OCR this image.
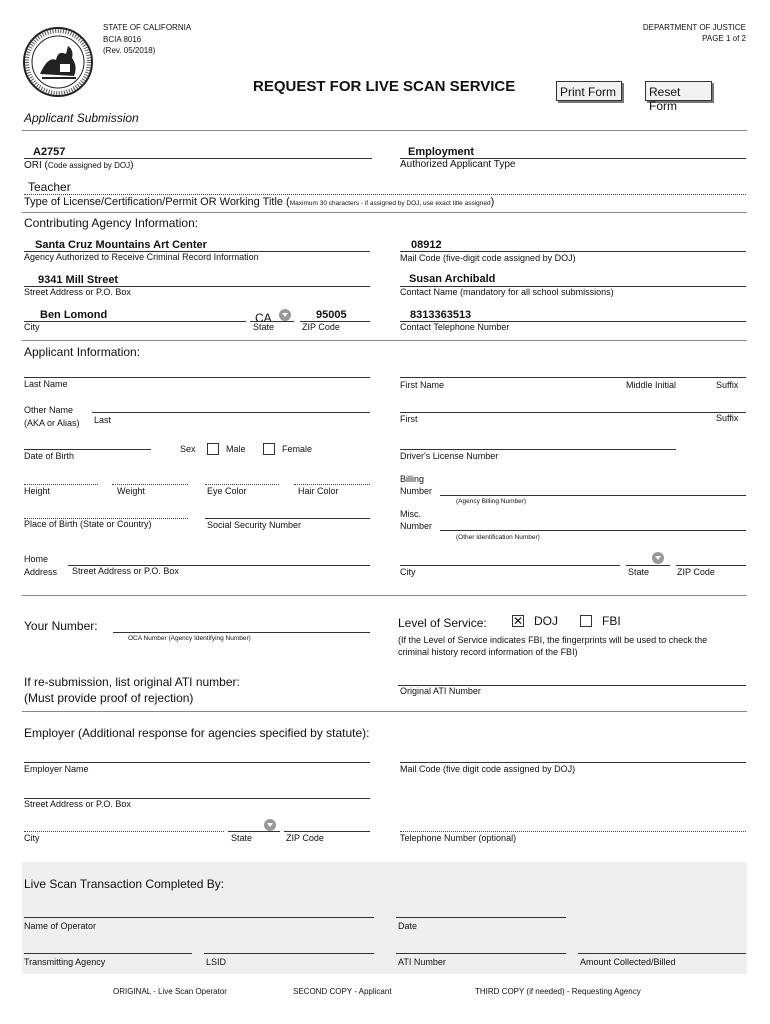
STATE OF CALIFORNIA
BCIA 8016
(Rev. 05/2018)
DEPARTMENT OF JUSTICE
PAGE 1 of 2
REQUEST FOR LIVE SCAN SERVICE	Print Form	Reset Form
Applicant Submission
A2757
ORI (Code assigned by DOJ)
Employment
Authorized Applicant Type
Teacher
Type of License/Certification/Permit OR Working Title (Maximum 30 characters - if assigned by DOJ, use exact title assigned)
Contributing Agency Information:
Santa Cruz Mountains Art Center
Agency Authorized to Receive Criminal Record Information
08912
Mail Code (five-digit code assigned by DOJ)
9341 Mill Street
Street Address or P.O. Box
Susan Archibald
Contact Name (mandatory for all school submissions)
Ben Lomond
City
CA
State
95005
ZIP Code
8313363513
Contact Telephone Number
Applicant Information:
Last Name	First Name	Middle Initial	Suffix
Other Name
(AKA or Alias) Last	First	Suffix
Date of Birth
Sex	Male	Female
Driver's License Number
Height	Weight	Eye Color	Hair Color
Billing
Number
(Agency Billing Number)
Place of Birth (State or Country)	Social Security Number
Misc.
Number
(Other Identification Number)
Home
Address Street Address or P.O. Box	City	State	ZIP Code
Your Number:
OCA Number (Agency Identifying Number)
Level of Service: ✕ DOJ	FBI
(If the Level of Service indicates FBI, the fingerprints will be used to check the
criminal history record information of the FBI)
If re-submission, list original ATI number:
(Must provide proof of rejection)	Original ATI Number
Employer (Additional response for agencies specified by statute):
Employer Name	Mail Code (five digit code assigned by DOJ)
Street Address or P.O. Box
City	State	ZIP Code	Telephone Number (optional)
Live Scan Transaction Completed By:
Name of Operator	Date
Transmitting Agency	LSID	ATI Number	Amount Collected/Billed
ORIGINAL - Live Scan Operator	SECOND COPY - Applicant	THIRD COPY (if needed) - Requesting Agency
